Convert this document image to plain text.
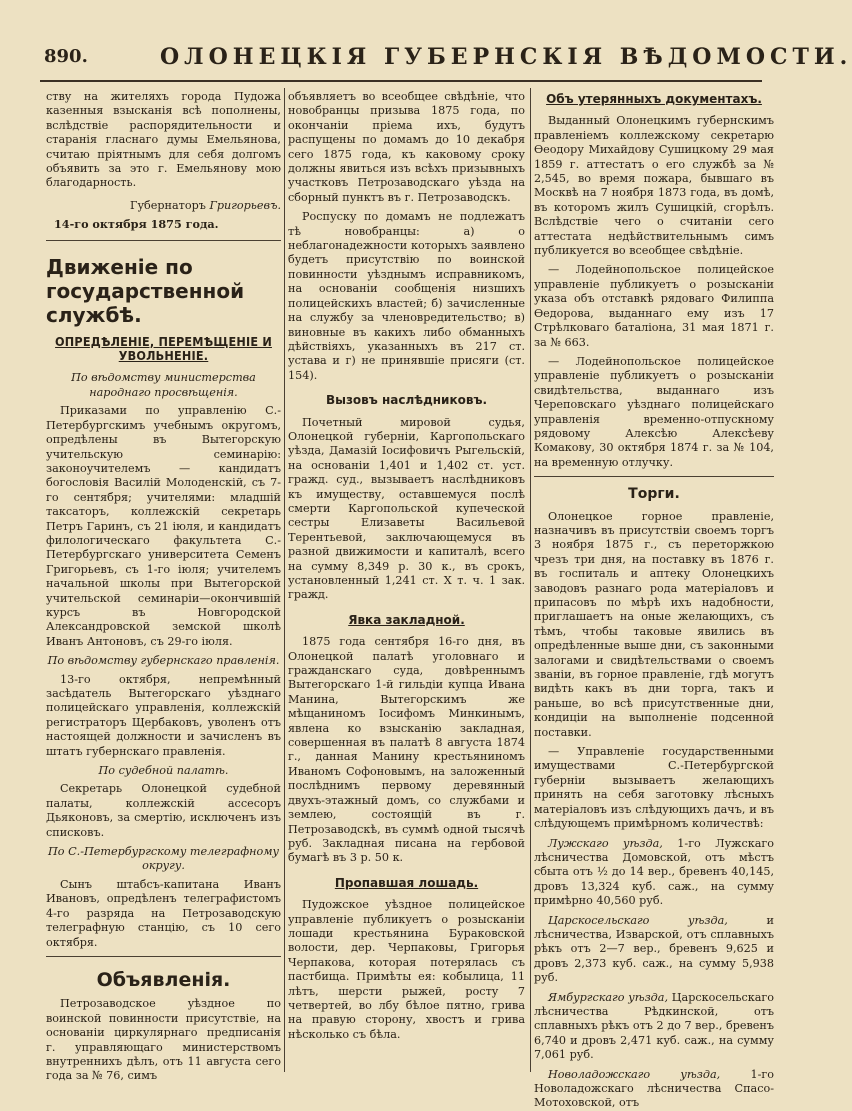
890.	ОЛОНЕЦКІЯ ГУБЕРНСКІЯ ВѢДОМОСТИ.

ству на жителяхъ города Пудожа казенныя взысканія всѣ пополнены, вслѣдствіе распорядительности и старанія гласнаго думы Емельянова, считаю пріятнымъ для себя долгомъ объявить за это г. Емельянову мою благодарность.

Губернаторъ Григорьевъ.

14-го октября 1875 года.

Движеніе по государственной службѣ.
ОПРЕДѢЛЕНІЕ, ПЕРЕМѢЩЕНІЕ И УВОЛЬНЕНІЕ.

По вѣдомству министерства народнаго просвѣщенія.

Приказами по управленію С.-Петербургскимъ учебнымъ округомъ, опредѣлены въ Вытегорскую учительскую семинарію: законоучителемъ — кандидатъ богословія Василій Молоденскій, съ 7-го сентября; учителями: младшій таксаторъ, коллежскій секретарь Петръ Гаринъ, съ 21 іюля, и кандидатъ филологическаго факультета С.-Петербургскаго университета Семенъ Григорьевъ, съ 1-го іюля; учителемъ начальной школы при Вытегорской учительской семинаріи—окончившій курсъ въ Новгородской Александровской земской школѣ Иванъ Антоновъ, съ 29-го іюля.

По вѣдомству губернскаго правленія.

13-го октября, непремѣнный засѣдатель Вытегорскаго уѣзднаго полицейскаго управленія, коллежскій регистраторъ Щербаковъ, уволенъ отъ настоящей должности и зачисленъ въ штатъ губернскаго правленія.

По судебной палатѣ.

Секретарь Олонецкой судебной палаты, коллежскій ассесоръ Дьяконовъ, за смертію, исключенъ изъ списковъ.

По С.-Петербургскому телеграфному округу.

Сынъ штабсъ-капитана Иванъ Ивановъ, опредѣленъ телеграфистомъ 4-го разряда на Петрозаводскую телеграфную станцію, съ 10 сего октября.

Объявленія.

Петрозаводское уѣздное по воинской повинности присутствіе, на основаніи циркулярнаго предписанія г. управляющаго министерствомъ внутреннихъ дѣлъ, отъ 11 августа сего года за № 76, симъ

объявляетъ во всеобщее свѣдѣніе, что новобранцы призыва 1875 года, по окончаніи пріема ихъ, будутъ распущены по домамъ до 10 декабря сего 1875 года, къ каковому сроку должны явиться изъ всѣхъ призывныхъ участковъ Петрозаводскаго уѣзда на сборный пунктъ въ г. Петрозаводскъ.

Роспуску по домамъ не подлежатъ тѣ новобранцы: а) о неблагонадежности которыхъ заявлено будетъ присутствію по воинской повинности уѣзднымъ исправникомъ, на основаніи сообщенія низшихъ полицейскихъ властей; б) зачисленные на службу за членовредительство; в) виновные въ какихъ либо обманныхъ дѣйствіяхъ, указанныхъ въ 217 ст. устава и г) не принявшіе присяги (ст. 154).

Вызовъ наслѣдниковъ.

Почетный мировой судья, Олонецкой губерніи, Каргопольскаго уѣзда, Дамазій Іосифовичъ Рыгельскій, на основаніи 1,401 и 1,402 ст. уст. гражд. суд., вызываетъ наслѣдниковъ къ имуществу, оставшемуся послѣ смерти Каргопольской купеческой сестры Елизаветы Васильевой Терентьевой, заключающемуся въ разной движимости и капиталѣ, всего на сумму 8,349 р. 30 к., въ срокъ, установленный 1,241 ст. X т. ч. 1 зак. гражд.

Явка закладной.

1875 года сентября 16-го дня, въ Олонецкой палатѣ уголовнаго и гражданскаго суда, довѣреннымъ Вытегорскаго 1-й гильдіи купца Ивана Манина, Вытегорскимъ же мѣщаниномъ Іосифомъ Минкинымъ, явлена ко взысканію закладная, совершенная въ палатѣ 8 августа 1874 г., данная Манину крестьяниномъ Иваномъ Софоновымъ, на заложенный послѣднимъ первому деревянный двухъ-этажный домъ, со службами и землею, состоящій въ г. Петрозаводскѣ, въ суммѣ одной тысячѣ руб. Закладная писана на гербовой бумагѣ въ 3 р. 50 к.

Пропавшая лошадь.

Пудожское уѣздное полицейское управленіе публикуетъ о розысканіи лошади крестьянина Бураковской волости, дер. Черпаковы, Григорья Черпакова, которая потерялась съ пастбища. Примѣты ея: кобылица, 11 лѣтъ, шерсти рыжей, росту 7 четвертей, во лбу бѣлое пятно, грива на правую сторону, хвостъ и грива нѣсколько съ бѣла.

Объ утерянныхъ документахъ.

Выданный Олонецкимъ губернскимъ правленіемъ коллежскому секретарю Ѳеодору Михайдову Сушицкому 29 мая 1859 г. аттестатъ о его службѣ за № 2,545, во время пожара, бывшаго въ Москвѣ на 7 ноября 1873 года, въ домѣ, въ которомъ жилъ Сушицкій, сгорѣлъ. Вслѣдствіе чего о считаніи сего аттестата недѣйствительнымъ симъ публикуется во всеобщее свѣдѣніе.

— Лодейнопольское полицейское управленіе публикуетъ о розысканіи указа объ отставкѣ рядоваго Филиппа Ѳедорова, выданнаго ему изъ 17 Стрѣлковаго баталіона, 31 мая 1871 г. за № 663.

— Лодейнопольское полицейское управленіе публикуетъ о розысканіи свидѣтельства, выданнаго изъ Череповскаго уѣзднаго полицейскаго управленія временно-отпускному рядовому Алексѣю Алексѣеву Комакову, 30 октября 1874 г. за № 104, на временную отлучку.

Торги.

Олонецкое горное правленіе, назначивъ въ присутствіи своемъ торгъ 3 ноября 1875 г., съ переторжкою чрезъ три дня, на поставку въ 1876 г. въ госпиталь и аптеку Олонецкихъ заводовъ разнаго рода матеріаловъ и припасовъ по мѣрѣ ихъ надобности, приглашаетъ на оные желающихъ, съ тѣмъ, чтобы таковые явились въ опредѣленные выше дни, съ законными залогами и свидѣтельствами о своемъ званіи, въ горное правленіе, гдѣ могутъ видѣть какъ въ дни торга, такъ и раньше, во всѣ присутственные дни, кондиціи на выполненіе подсенной поставки.

— Управленіе государственными имуществами С.-Петербургской губерніи вызываетъ желающихъ принять на себя заготовку лѣсныхъ матеріаловъ изъ слѣдующихъ дачъ, и въ слѣдующемъ примѣрномъ количествѣ:

Лужскаго уѣзда, 1-го Лужскаго лѣсничества Домовской, отъ мѣстъ сбыта отъ ½ до 14 вер., бревенъ 40,145, дровъ 13,324 куб. саж., на сумму примѣрно 40,560 руб.

Царскосельскаго уѣзда,	и лѣсничества, Изварской, отъ сплавныхъ рѣкъ отъ 2—7 вер., бревенъ 9,625 и дровъ 2,373 куб. саж., на сумму 5,938 руб.

Ямбургскаго уѣзда, Царскосельскаго лѣсничества Рѣдкинской, отъ сплавныхъ рѣкъ отъ 2 до 7 вер., бревенъ 6,740 и дровъ 2,471 куб. саж., на сумму 7,061 руб.

Новоладожскаго уѣзда,	1-го Новоладожскаго лѣсничества Спасо-Мотоховской, отъ
